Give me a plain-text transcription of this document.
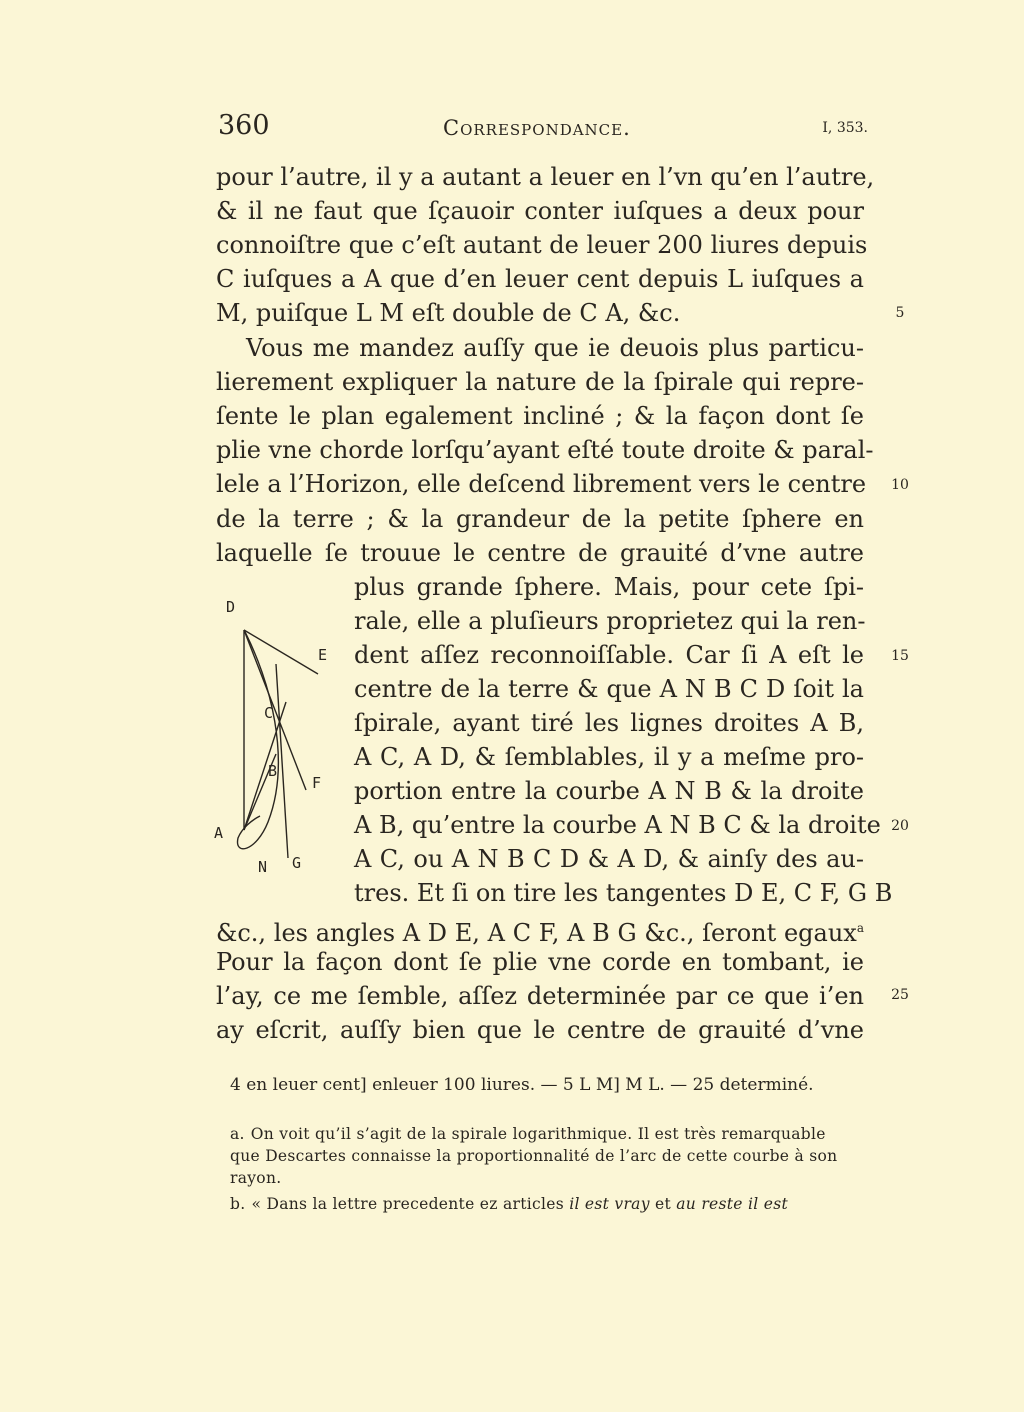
360	Correspondance.	I, 353.
pour l’autre, il y a autant a leuer en l’vn qu’en l’autre,
& il ne faut que ſçauoir conter iuſques a deux pour
connoiſtre que c’eſt autant de leuer 200 liures depuis
C iuſques a A que d’en leuer cent depuis L iuſques a
M, puiſque L M eſt double de C A, &c.
Vous me mandez auſſy que ie deuois plus particu-
lierement expliquer la nature de la ſpirale qui repre-
ſente le plan egalement incliné ; & la façon dont ſe
plie vne chorde lorſqu’ayant eſté toute droite & paral-
lele a l’Horizon, elle deſcend librement vers le centre
de la terre ; & la grandeur de la petite ſphere en
laquelle ſe trouue le centre de grauité d’vne autre
plus grande ſphere. Mais, pour cete ſpi-
rale, elle a pluſieurs proprietez qui la ren-
dent aſſez reconnoiſſable. Car ſi A eſt le
centre de la terre & que A N B C D ſoit la
ſpirale, ayant tiré les lignes droites A B,
A C, A D, & ſemblables, il y a meſme pro-
portion entre la courbe A N B & la droite
A B, qu’entre la courbe A N B C & la droite
A C, ou A N B C D & A D, & ainſy des au-
tres. Et ſi on tire les tangentes D E, C F, G B
&c., les angles A D E, A C F, A B G &c., ſeront egaux$^a$
Pour la façon dont ſe plie vne corde en tombant, ie
l’ay, ce me ſemble, aſſez determinée par ce que i’en
ay eſcrit, auſſy bien que le centre de grauité d’vne
5
10
15
20
25
D
E
C
B
F
A
N G
4 en leuer cent] enleuer 100 liures. — 5 L M] M L. — 25 determiné.
a. On voit qu’il s’agit de la spirale logarithmique. Il est très remarquable que Descartes connaisse la proportionnalité de l’arc de cette courbe à son rayon.
b. « Dans la lettre precedente ez articles il est vray et au reste il est
